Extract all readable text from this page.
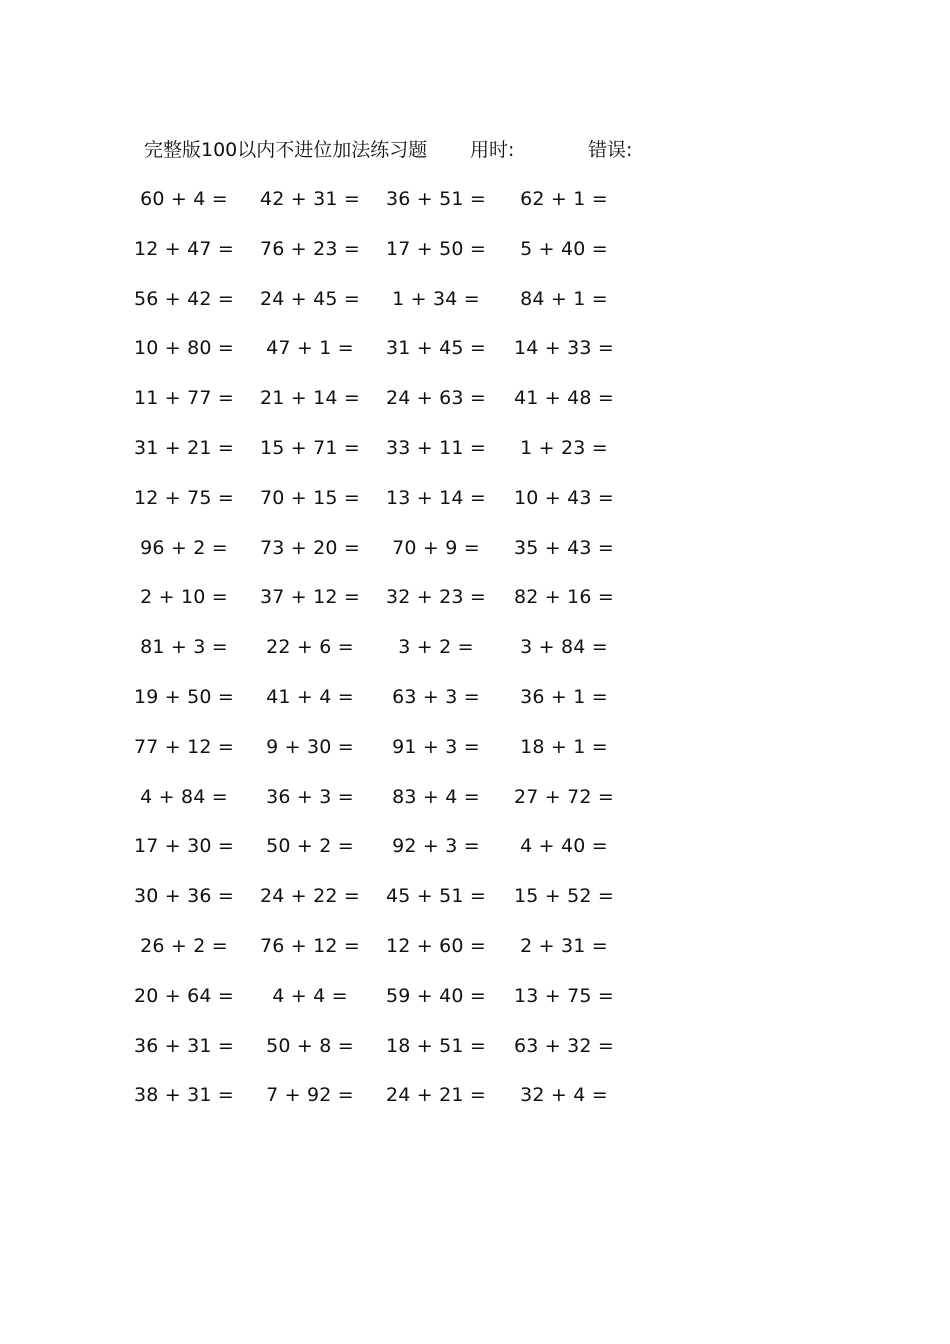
完整版100以内不进位加法练习题 用时:	错误:
60 + 4 = 42 + 31 = 36 + 51 = 62 + 1 =
12 + 47 = 76 + 23 = 17 + 50 = 5 + 40 =
56 + 42 = 24 + 45 = 1 + 34 = 84 + 1 =
10 + 80 = 47 + 1 = 31 + 45 = 14 + 33 =
11 + 77 = 21 + 14 = 24 + 63 = 41 + 48 =
31 + 21 = 15 + 71 = 33 + 11 = 1 + 23 =
12 + 75 = 70 + 15 = 13 + 14 = 10 + 43 =
96 + 2 = 73 + 20 = 70 + 9 = 35 + 43 =
2 + 10 = 37 + 12 = 32 + 23 = 82 + 16 =
81 + 3 = 22 + 6 = 3 + 2 = 3 + 84 =
19 + 50 = 41 + 4 = 63 + 3 = 36 + 1 =
77 + 12 = 9 + 30 = 91 + 3 = 18 + 1 =
4 + 84 = 36 + 3 = 83 + 4 = 27 + 72 =
17 + 30 = 50 + 2 = 92 + 3 = 4 + 40 =
30 + 36 = 24 + 22 = 45 + 51 = 15 + 52 =
26 + 2 = 76 + 12 = 12 + 60 = 2 + 31 =
20 + 64 = 4 + 4 = 59 + 40 = 13 + 75 =
36 + 31 = 50 + 8 = 18 + 51 = 63 + 32 =
38 + 31 = 7 + 92 = 24 + 21 = 32 + 4 =
